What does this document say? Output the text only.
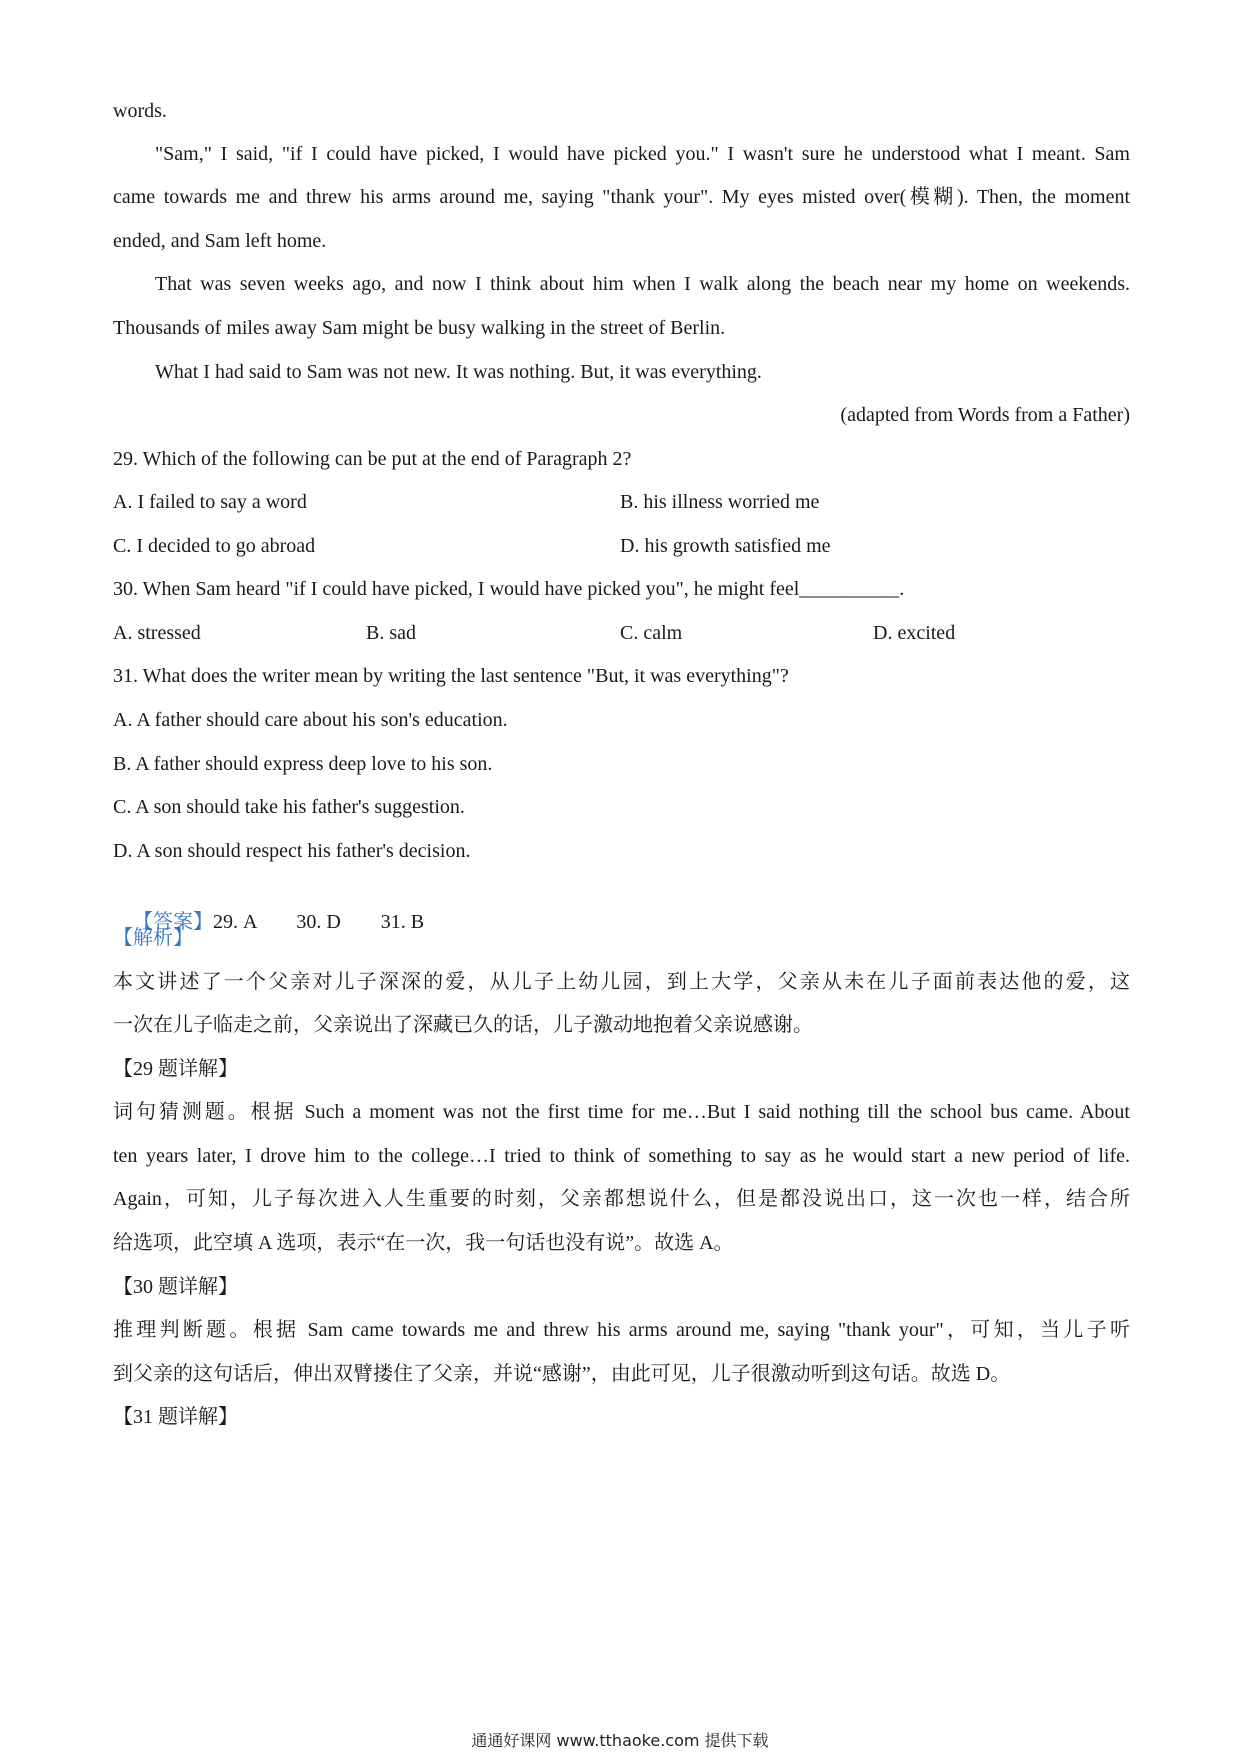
words.
"Sam," I said, "if I could have picked, I would have picked you." I wasn't sure he understood what I meant. Sam
came towards me and threw his arms around me, saying "thank your". My eyes misted over(模糊). Then, the moment
ended, and Sam left home.
That was seven weeks ago, and now I think about him when I walk along the beach near my home on weekends.
Thousands of miles away Sam might be busy walking in the street of Berlin.
What I had said to Sam was not new. It was nothing. But, it was everything.
(adapted from Words from a Father)
29. Which of the following can be put at the end of Paragraph 2?
A. I failed to say a word	B. his illness worried me
C. I decided to go abroad	D. his growth satisfied me
30. When Sam heard "if I could have picked, I would have picked you", he might feel__________.
A. stressed	B. sad	C. calm	D. excited
31. What does the writer mean by writing the last sentence "But, it was everything"?
A. A father should care about his son's education.
B. A father should express deep love to his son.
C. A son should take his father's suggestion.
D. A son should respect his father's decision.

【答案】29. A        30. D        31. B

【解析】
本文讲述了一个父亲对儿子深深的爱，从儿子上幼儿园，到上大学，父亲从未在儿子面前表达他的爱，这
一次在儿子临走之前，父亲说出了深藏已久的话，儿子激动地抱着父亲说感谢。
【29 题详解】
词句猜测题。根据 Such a moment was not the first time for me…But I said nothing till the school bus came. About
ten years later, I drove him to the college…I tried to think of something to say as he would start a new period of life.
Again，可知，儿子每次进入人生重要的时刻，父亲都想说什么，但是都没说出口，这一次也一样，结合所
给选项，此空填 A 选项，表示“在一次，我一句话也没有说”。故选 A。
【30 题详解】
推理判断题。根据 Sam came towards me and threw his arms around me, saying "thank your"，可知，当儿子听
到父亲的这句话后，伸出双臂搂住了父亲，并说“感谢”，由此可见，儿子很激动听到这句话。故选 D。
【31 题详解】
通通好课网 www.tthaoke.com 提供下载
